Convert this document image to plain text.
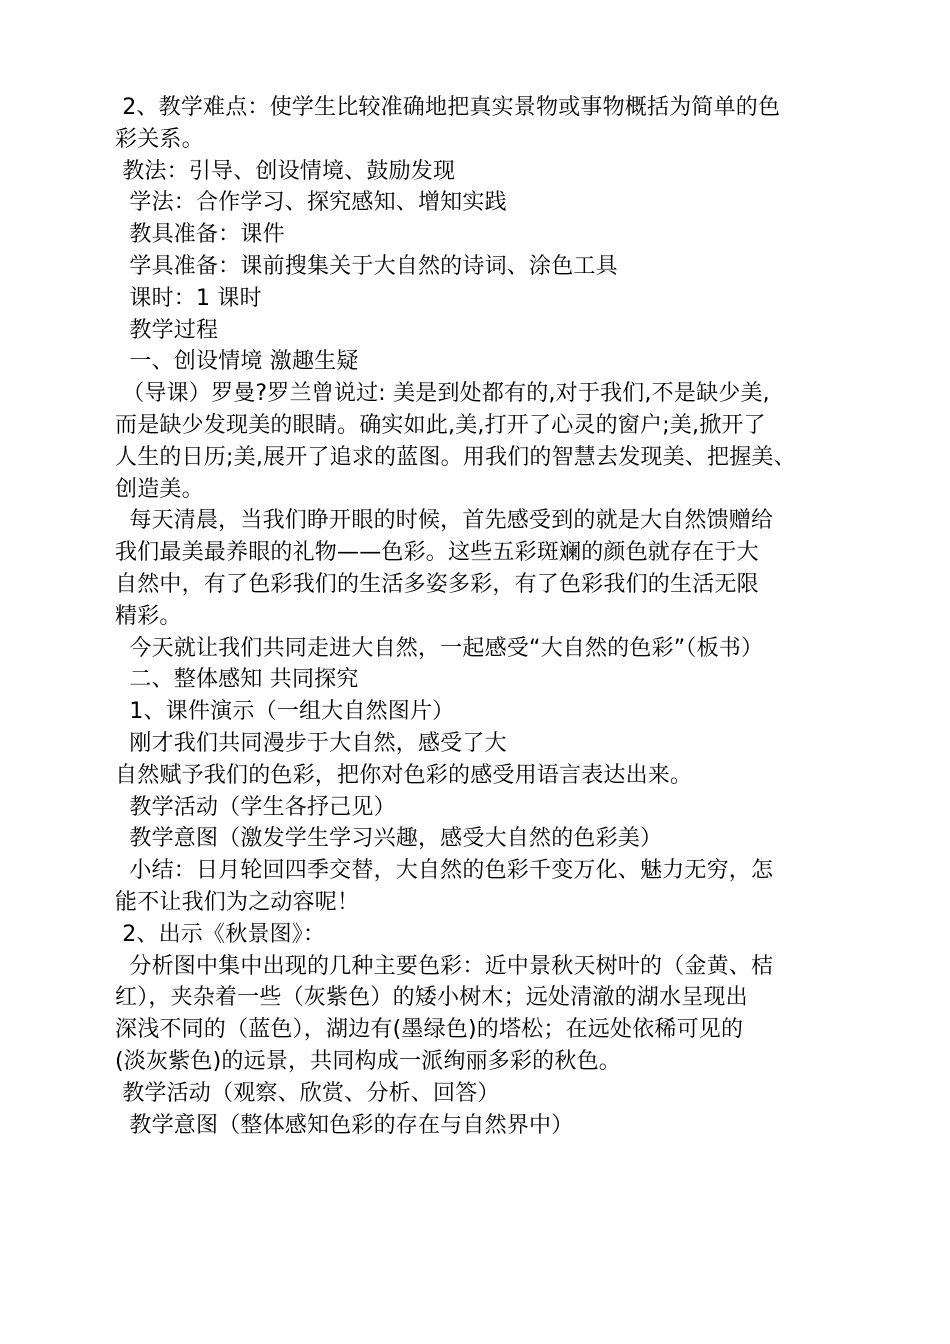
2、教学难点：使学生比较准确地把真实景物或事物概括为简单的色
彩关系。
教法：引导、创设情境、鼓励发现
学法：合作学习、探究感知、增知实践
教具准备：课件
学具准备：课前搜集关于大自然的诗词、涂色工具
课时：1 课时
教学过程
一、创设情境 激趣生疑
（导课）罗曼?罗兰曾说过: 美是到处都有的,对于我们,不是缺少美,
而是缺少发现美的眼睛。确实如此,美,打开了心灵的窗户;美,掀开了
人生的日历;美,展开了追求的蓝图。用我们的智慧去发现美、把握美、
创造美。
每天清晨，当我们睁开眼的时候，首先感受到的就是大自然馈赠给
我们最美最养眼的礼物——色彩。这些五彩斑斓的颜色就存在于大
自然中，有了色彩我们的生活多姿多彩，有了色彩我们的生活无限
精彩。
今天就让我们共同走进大自然，一起感受“大自然的色彩”（板书）
二、整体感知 共同探究
1、课件演示（一组大自然图片）
刚才我们共同漫步于大自然，感受了大
自然赋予我们的色彩，把你对色彩的感受用语言表达出来。
教学活动（学生各抒己见）
教学意图（激发学生学习兴趣，感受大自然的色彩美）
小结：日月轮回四季交替，大自然的色彩千变万化、魅力无穷，怎
能不让我们为之动容呢！
2、出示《秋景图》：
分析图中集中出现的几种主要色彩：近中景秋天树叶的（金黄、桔
红），夹杂着一些（灰紫色）的矮小树木；远处清澈的湖水呈现出
深浅不同的（蓝色），湖边有(墨绿色)的塔松；在远处依稀可见的
(淡灰紫色)的远景，共同构成一派绚丽多彩的秋色。
教学活动（观察、欣赏、分析、回答）
教学意图（整体感知色彩的存在与自然界中）
